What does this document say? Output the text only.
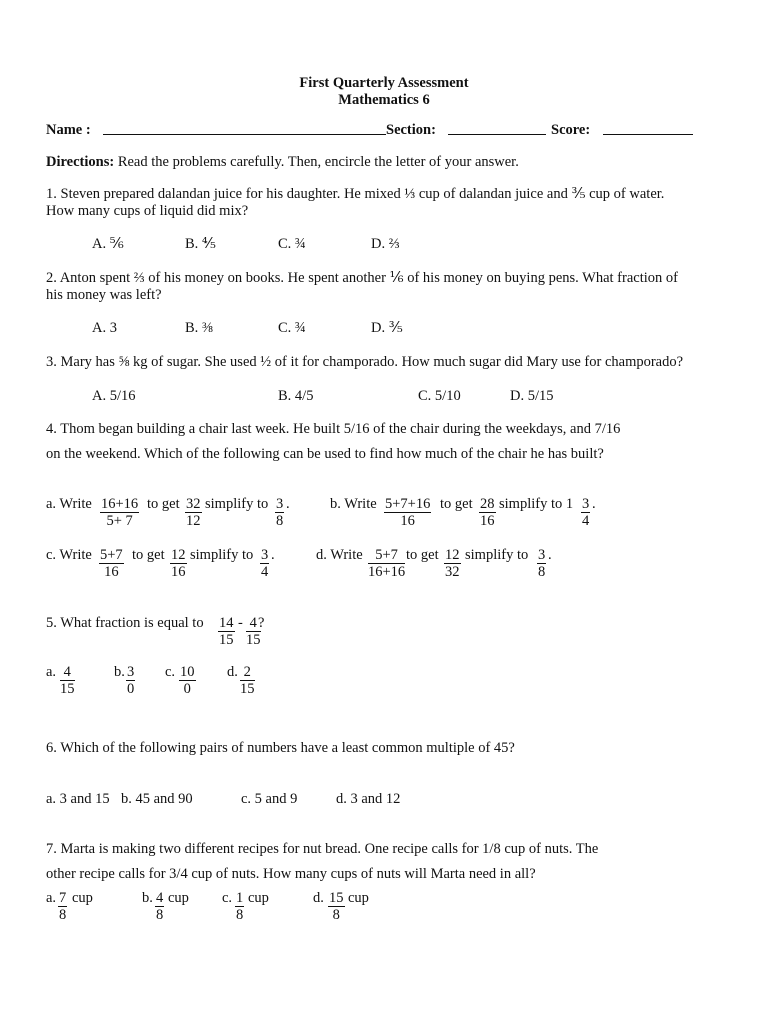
First Quarterly Assessment
Mathematics 6
Name :	Section:	Score:
Directions: Read the problems carefully. Then, encircle the letter of your answer.
1. Steven prepared dalandan juice for his daughter. He mixed ⅓ cup of dalandan juice and ⅗ cup of water.
How many cups of liquid did mix?
A. ⅚	B. ⅘	C. ¾	D. ⅔
2. Anton spent ⅔ of his money on books. He spent another ⅙ of his money on buying pens. What fraction of
his money was left?
A. 3	B. ⅜	C. ¾	D. ⅗
3. Mary has ⅝ kg of sugar. She used ½ of it for champorado. How much sugar did Mary use for champorado?
A. 5/16	B. 4/5	C. 5/10	D. 5/15
4. Thom began building a chair last week. He built 5/16 of the chair during the weekdays, and 7/16
on the weekend. Which of the following can be used to find how much of the chair he has built?
a. Write $\frac{16+16}{5+ 7}$ to get $\frac{32}{12}$ simplify to $\frac{3}{8}$ .	b. Write $\frac{5+7+16}{16}$ to get $\frac{28}{16}$ simplify to $1 \frac{3}{4}$ .
c. Write $\frac{5+7}{16}$ to get $\frac{12}{16}$ simplify to $\frac{3}{4}$ .	d. Write $\frac{5+7}{16+16}$ to get $\frac{12}{32}$ simplify to $\frac{3}{8}$ .
5. What fraction is equal to $\frac{14}{15} - \frac{4}{15}$
?
a. $\frac{4}{15}$	b. $\frac{3}{0} c$. $\frac{10}{0} d$. $\frac{2}{15}$
6. Which of the following pairs of numbers have a least common multiple of 45?
a. 3 and 15 b. 45 and 90	c. 5 and 9	d. 3 and 12
7. Marta is making two different recipes for nut bread. One recipe calls for 1/8 cup of nuts. The
other recipe calls for 3/4 cup of nuts. How many cups of nuts will Marta need in all?
a. $\frac{7}{8}$ cup	b. $\frac{4}{8}$ cup c. $\frac{1}{8}$ cup	d. $\frac{15}{8}$ cup
